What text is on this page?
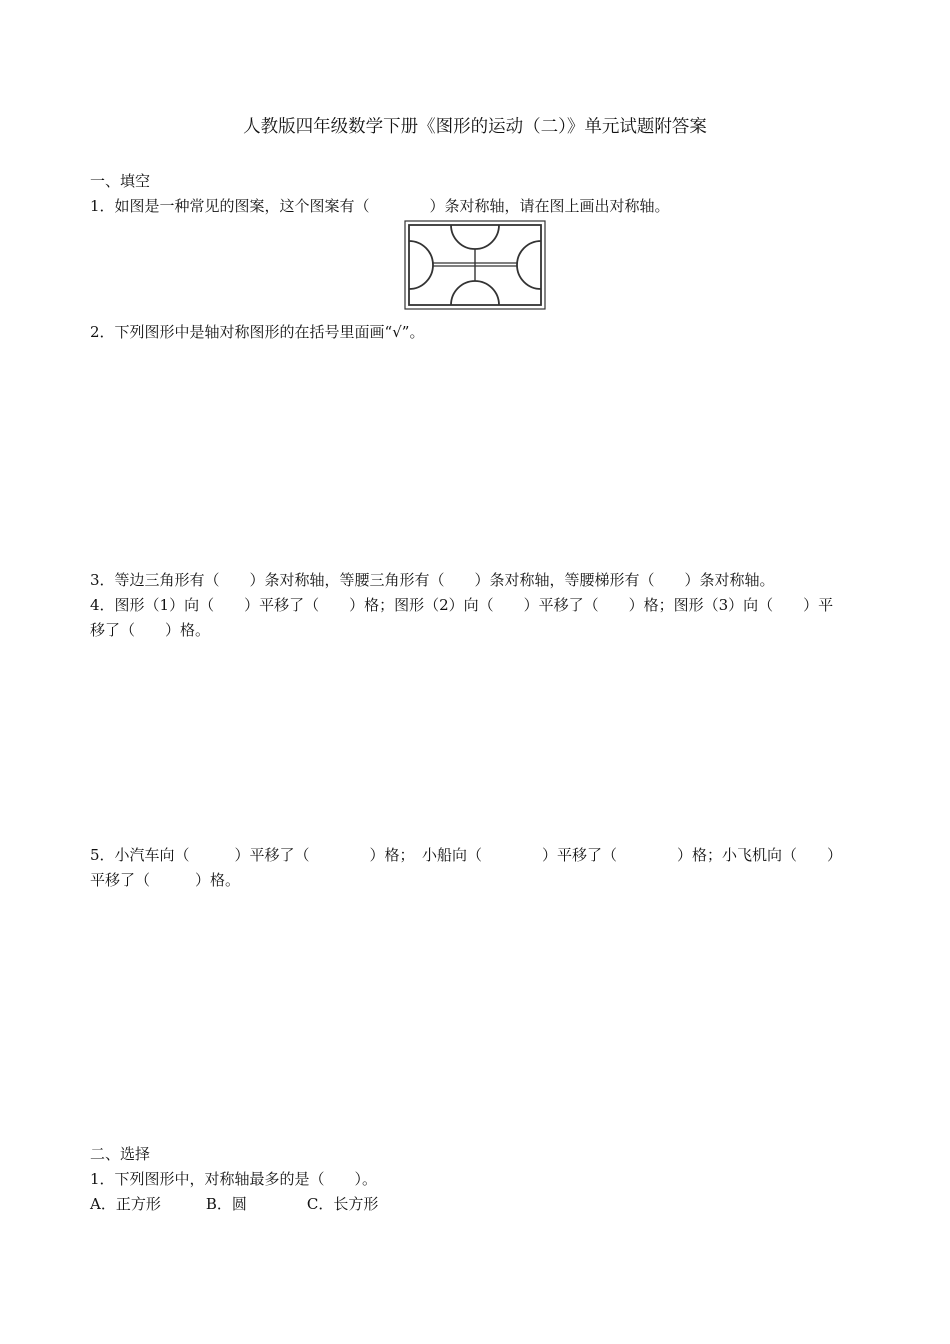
人教版四年级数学下册《图形的运动（二）》单元试题附答案
一、填空
1．如图是一种常见的图案，这个图案有（　　　　）条对称轴，请在图上画出对称轴。
2．下列图形中是轴对称图形的在括号里面画“√”。
3．等边三角形有（　　）条对称轴，等腰三角形有（　　）条对称轴，等腰梯形有（　　）条对称轴。
4．图形（1）向（　　）平移了（　　）格；图形（2）向（　　）平移了（　　）格；图形（3）向（　　）平
移了（　　）格。
5．小汽车向（　　　）平移了（　　　　）格；　小船向（　　　　）平移了（　　　　）格；小飞机向（　　）
平移了（　　　）格。
二、选择
1．下列图形中，对称轴最多的是（　　）。
A．正方形　　　B．圆　　　　C．长方形
